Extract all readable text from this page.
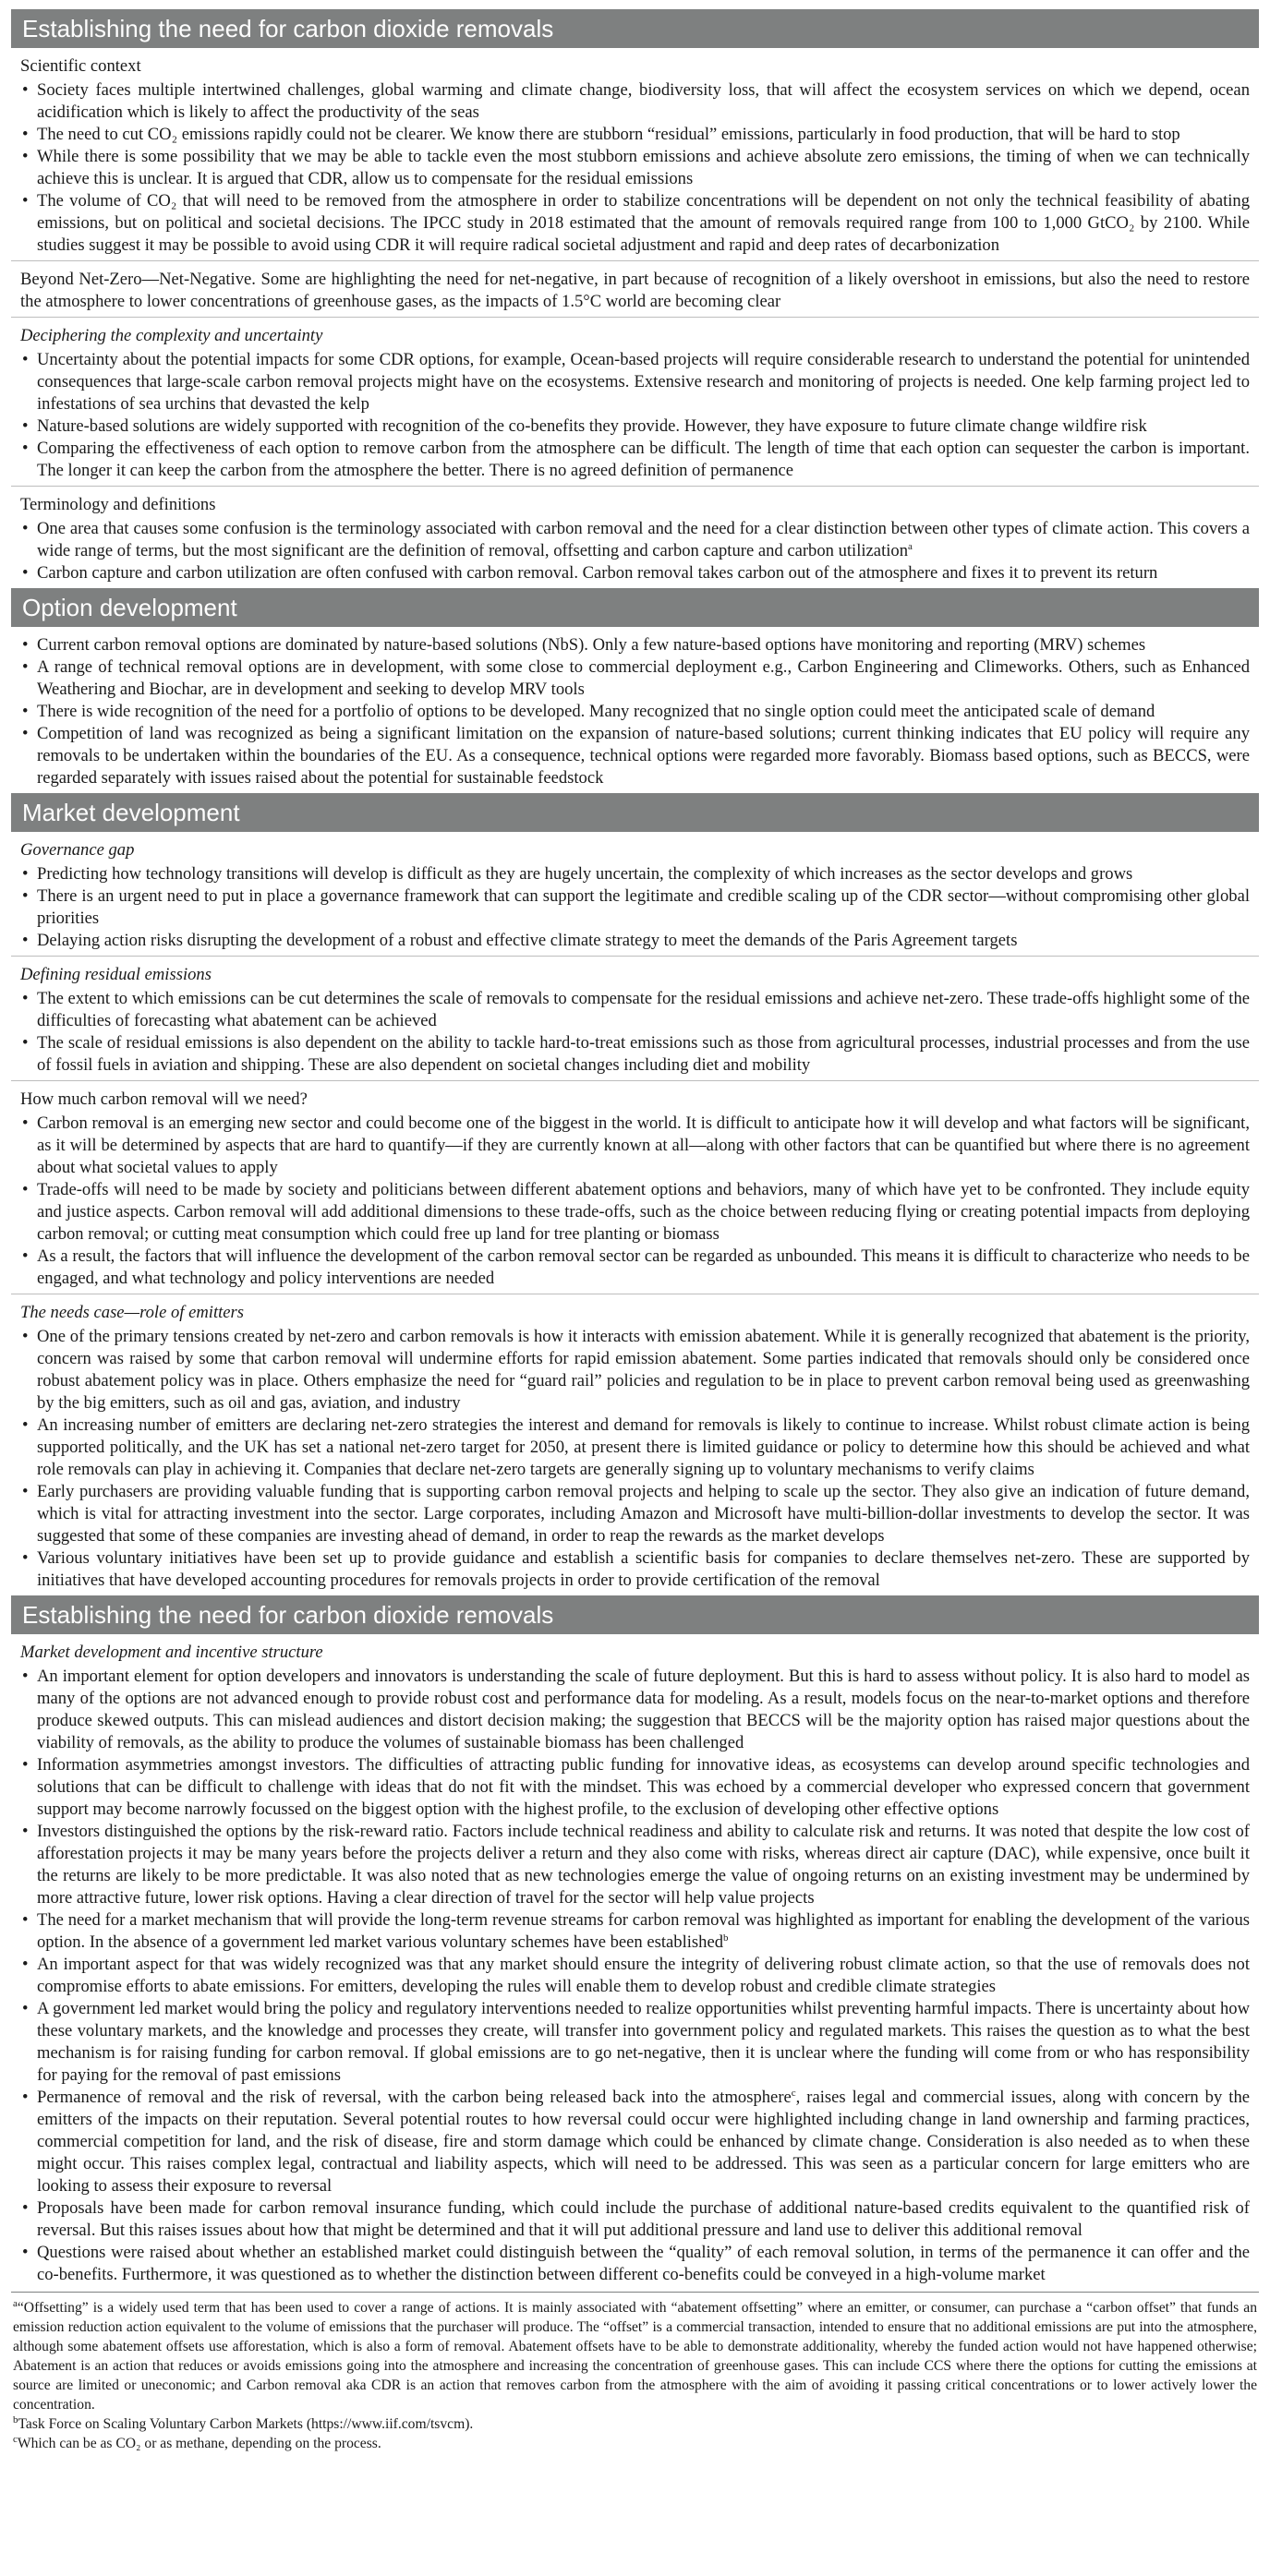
Establishing the need for carbon dioxide removals
Scientific context
• Society faces multiple intertwined challenges, global warming and climate change, biodiversity loss, that will affect the ecosystem services on which we depend, ocean acidification which is likely to affect the productivity of the seas
• The need to cut CO₂ emissions rapidly could not be clearer. We know there are stubborn “residual” emissions, particularly in food production, that will be hard to stop
• While there is some possibility that we may be able to tackle even the most stubborn emissions and achieve absolute zero emissions, the timing of when we can technically achieve this is unclear. It is argued that CDR, allow us to compensate for the residual emissions
• The volume of CO₂ that will need to be removed from the atmosphere in order to stabilize concentrations will be dependent on not only the technical feasibility of abating emissions, but on political and societal decisions. The IPCC study in 2018 estimated that the amount of removals required range from 100 to 1,000 GtCO₂ by 2100. While studies suggest it may be possible to avoid using CDR it will require radical societal adjustment and rapid and deep rates of decarbonization
Beyond Net-Zero—Net-Negative. Some are highlighting the need for net-negative, in part because of recognition of a likely overshoot in emissions, but also the need to restore the atmosphere to lower concentrations of greenhouse gases, as the impacts of 1.5°C world are becoming clear
Deciphering the complexity and uncertainty
• Uncertainty about the potential impacts for some CDR options, for example, Ocean-based projects will require considerable research to understand the potential for unintended consequences that large-scale carbon removal projects might have on the ecosystems. Extensive research and monitoring of projects is needed. One kelp farming project led to infestations of sea urchins that devasted the kelp
• Nature-based solutions are widely supported with recognition of the co-benefits they provide. However, they have exposure to future climate change wildfire risk
• Comparing the effectiveness of each option to remove carbon from the atmosphere can be difficult. The length of time that each option can sequester the carbon is important. The longer it can keep the carbon from the atmosphere the better. There is no agreed definition of permanence
Terminology and definitions
• One area that causes some confusion is the terminology associated with carbon removal and the need for a clear distinction between other types of climate action. This covers a wide range of terms, but the most significant are the definition of removal, offsetting and carbon capture and carbon utilization$^a$
• Carbon capture and carbon utilization are often confused with carbon removal. Carbon removal takes carbon out of the atmosphere and fixes it to prevent its return
Option development
• Current carbon removal options are dominated by nature-based solutions (NbS). Only a few nature-based options have monitoring and reporting (MRV) schemes
• A range of technical removal options are in development, with some close to commercial deployment e.g., Carbon Engineering and Climeworks. Others, such as Enhanced Weathering and Biochar, are in development and seeking to develop MRV tools
• There is wide recognition of the need for a portfolio of options to be developed. Many recognized that no single option could meet the anticipated scale of demand
• Competition of land was recognized as being a significant limitation on the expansion of nature-based solutions; current thinking indicates that EU policy will require any removals to be undertaken within the boundaries of the EU. As a consequence, technical options were regarded more favorably. Biomass based options, such as BECCS, were regarded separately with issues raised about the potential for sustainable feedstock
Market development
Governance gap
• Predicting how technology transitions will develop is difficult as they are hugely uncertain, the complexity of which increases as the sector develops and grows
• There is an urgent need to put in place a governance framework that can support the legitimate and credible scaling up of the CDR sector—without compromising other global priorities
• Delaying action risks disrupting the development of a robust and effective climate strategy to meet the demands of the Paris Agreement targets
Defining residual emissions
• The extent to which emissions can be cut determines the scale of removals to compensate for the residual emissions and achieve net-zero. These trade-offs highlight some of the difficulties of forecasting what abatement can be achieved
• The scale of residual emissions is also dependent on the ability to tackle hard-to-treat emissions such as those from agricultural processes, industrial processes and from the use of fossil fuels in aviation and shipping. These are also dependent on societal changes including diet and mobility
How much carbon removal will we need?
• Carbon removal is an emerging new sector and could become one of the biggest in the world. It is difficult to anticipate how it will develop and what factors will be significant, as it will be determined by aspects that are hard to quantify—if they are currently known at all—along with other factors that can be quantified but where there is no agreement about what societal values to apply
• Trade-offs will need to be made by society and politicians between different abatement options and behaviors, many of which have yet to be confronted. They include equity and justice aspects. Carbon removal will add additional dimensions to these trade-offs, such as the choice between reducing flying or creating potential impacts from deploying carbon removal; or cutting meat consumption which could free up land for tree planting or biomass
• As a result, the factors that will influence the development of the carbon removal sector can be regarded as unbounded. This means it is difficult to characterize who needs to be engaged, and what technology and policy interventions are needed
The needs case—role of emitters
• One of the primary tensions created by net-zero and carbon removals is how it interacts with emission abatement. While it is generally recognized that abatement is the priority, concern was raised by some that carbon removal will undermine efforts for rapid emission abatement. Some parties indicated that removals should only be considered once robust abatement policy was in place. Others emphasize the need for “guard rail” policies and regulation to be in place to prevent carbon removal being used as greenwashing by the big emitters, such as oil and gas, aviation, and industry
• An increasing number of emitters are declaring net-zero strategies the interest and demand for removals is likely to continue to increase. Whilst robust climate action is being supported politically, and the UK has set a national net-zero target for 2050, at present there is limited guidance or policy to determine how this should be achieved and what role removals can play in achieving it. Companies that declare net-zero targets are generally signing up to voluntary mechanisms to verify claims
• Early purchasers are providing valuable funding that is supporting carbon removal projects and helping to scale up the sector. They also give an indication of future demand, which is vital for attracting investment into the sector. Large corporates, including Amazon and Microsoft have multi-billion-dollar investments to develop the sector. It was suggested that some of these companies are investing ahead of demand, in order to reap the rewards as the market develops
• Various voluntary initiatives have been set up to provide guidance and establish a scientific basis for companies to declare themselves net-zero. These are supported by initiatives that have developed accounting procedures for removals projects in order to provide certification of the removal
Establishing the need for carbon dioxide removals
Market development and incentive structure
• An important element for option developers and innovators is understanding the scale of future deployment. But this is hard to assess without policy. It is also hard to model as many of the options are not advanced enough to provide robust cost and performance data for modeling. As a result, models focus on the near-to-market options and therefore produce skewed outputs. This can mislead audiences and distort decision making; the suggestion that BECCS will be the majority option has raised major questions about the viability of removals, as the ability to produce the volumes of sustainable biomass has been challenged
• Information asymmetries amongst investors. The difficulties of attracting public funding for innovative ideas, as ecosystems can develop around specific technologies and solutions that can be difficult to challenge with ideas that do not fit with the mindset. This was echoed by a commercial developer who expressed concern that government support may become narrowly focussed on the biggest option with the highest profile, to the exclusion of developing other effective options
• Investors distinguished the options by the risk-reward ratio. Factors include technical readiness and ability to calculate risk and returns. It was noted that despite the low cost of afforestation projects it may be many years before the projects deliver a return and they also come with risks, whereas direct air capture (DAC), while expensive, once built it the returns are likely to be more predictable. It was also noted that as new technologies emerge the value of ongoing returns on an existing investment may be undermined by more attractive future, lower risk options. Having a clear direction of travel for the sector will help value projects
• The need for a market mechanism that will provide the long-term revenue streams for carbon removal was highlighted as important for enabling the development of the various option. In the absence of a government led market various voluntary schemes have been established$^b$
• An important aspect for that was widely recognized was that any market should ensure the integrity of delivering robust climate action, so that the use of removals does not compromise efforts to abate emissions. For emitters, developing the rules will enable them to develop robust and credible climate strategies
• A government led market would bring the policy and regulatory interventions needed to realize opportunities whilst preventing harmful impacts. There is uncertainty about how these voluntary markets, and the knowledge and processes they create, will transfer into government policy and regulated markets. This raises the question as to what the best mechanism is for raising funding for carbon removal. If global emissions are to go net-negative, then it is unclear where the funding will come from or who has responsibility for paying for the removal of past emissions
• Permanence of removal and the risk of reversal, with the carbon being released back into the atmosphere$^c$, raises legal and commercial issues, along with concern by the emitters of the impacts on their reputation. Several potential routes to how reversal could occur were highlighted including change in land ownership and farming practices, commercial competition for land, and the risk of disease, fire and storm damage which could be enhanced by climate change. Consideration is also needed as to when these might occur. This raises complex legal, contractual and liability aspects, which will need to be addressed. This was seen as a particular concern for large emitters who are looking to assess their exposure to reversal
• Proposals have been made for carbon removal insurance funding, which could include the purchase of additional nature-based credits equivalent to the quantified risk of reversal. But this raises issues about how that might be determined and that it will put additional pressure and land use to deliver this additional removal
• Questions were raised about whether an established market could distinguish between the “quality” of each removal solution, in terms of the permanence it can offer and the co-benefits. Furthermore, it was questioned as to whether the distinction between different co-benefits could be conveyed in a high-volume market
$^a$“Offsetting” is a widely used term that has been used to cover a range of actions. It is mainly associated with “abatement offsetting” where an emitter, or consumer, can purchase a “carbon offset” that funds an emission reduction action equivalent to the volume of emissions that the purchaser will produce. The “offset” is a commercial transaction, intended to ensure that no additional emissions are put into the atmosphere, although some abatement offsets use afforestation, which is also a form of removal. Abatement offsets have to be able to demonstrate additionality, whereby the funded action would not have happened otherwise; Abatement is an action that reduces or avoids emissions going into the atmosphere and increasing the concentration of greenhouse gases. This can include CCS where there the options for cutting the emissions at source are limited or uneconomic; and Carbon removal aka CDR is an action that removes carbon from the atmosphere with the aim of avoiding it passing critical concentrations or to lower actively lower the concentration.
$^b$Task Force on Scaling Voluntary Carbon Markets (https://www.iif.com/tsvcm).
$^c$Which can be as CO₂ or as methane, depending on the process.
